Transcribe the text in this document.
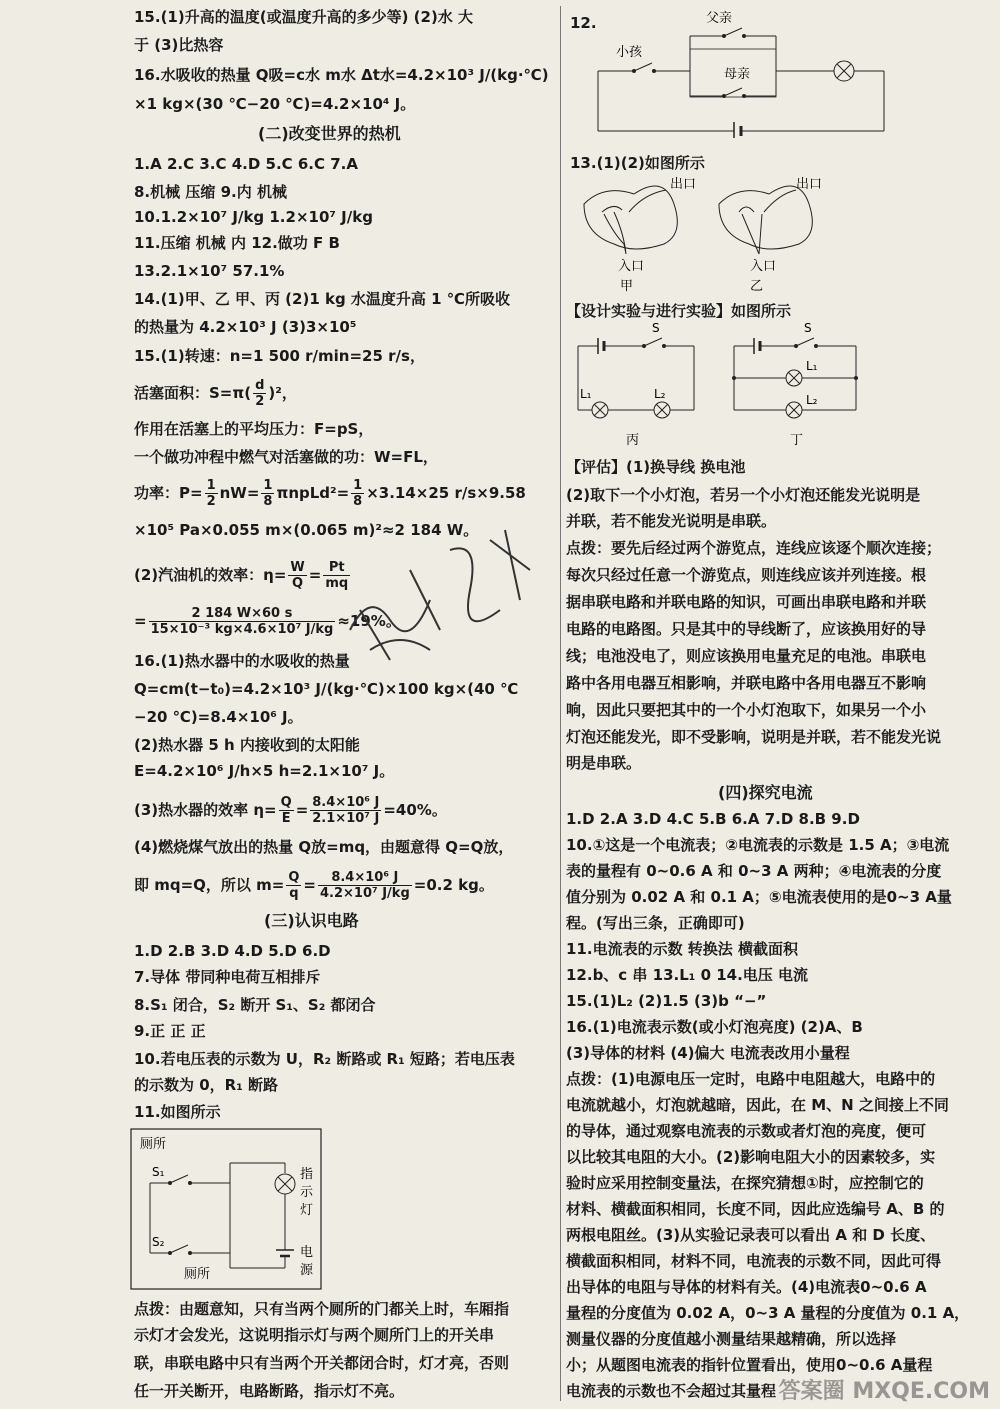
15.(1)升高的温度(或温度升高的多少等) (2)水 大
于 (3)比热容
16.水吸收的热量 Q吸=c水 m水 Δt水=4.2×10³ J/(kg·℃)
×1 kg×(30 ℃−20 ℃)=4.2×10⁴ J。
(二)改变世界的热机
1.A 2.C 3.C 4.D 5.C 6.C 7.A
8.机械 压缩 9.内 机械
10.1.2×10⁷ J/kg 1.2×10⁷ J/kg
11.压缩 机械 内 12.做功 F B
13.2.1×10⁷ 57.1%
14.(1)甲、乙 甲、丙 (2)1 kg 水温度升高 1 ℃所吸收
的热量为 4.2×10³ J (3)3×10⁵
15.(1)转速：n=1 500 r/min=25 r/s，
活塞面积：$S=\pi( \frac{d}{2} )^2$，
作用在活塞上的平均压力：F=pS，
一个做功冲程中燃气对活塞做的功：W=FL，
功率：$P= \frac{1}{2} nW= \frac{1}{8}$ πnpLd²= $\frac{1}{8} \times 3.14\times 25$ r/s×9.58
×10⁵ Pa×0.055 m×(0.065 m)²≈2 184 W。
(2)汽油机的效率：$\eta= \frac{W}{Q} = \frac{Pt}{mq}$
= $\frac{2 184 W\times 60 s}{\text{15×10⁻³ kg×4.6×10⁷ J/kg}} \approx 19\%$。
16.(1)热水器中的水吸收的热量
Q=cm(t−t₀)=4.2×10³ J/(kg·℃)×100 kg×(40 ℃
−20 ℃)=8.4×10⁶ J。
(2)热水器 5 h 内接收到的太阳能
E=4.2×10⁶ J/h×5 h=2.1×10⁷ J。
(3)热水器的效率 $\eta= \frac{Q}{E} = \frac{\text{8.4×10⁶ J}}{\text{2.1×10⁷ J}} =40\%$。
(4)燃烧煤气放出的热量 Q放=mq，由题意得 Q=Q放，
即 mq=Q，所以 $m= \frac{Q}{q} = \frac{\text{8.4×10⁶ J}}{\text{4.2×10⁷ J/kg}} =0.2$ kg。
(三)认识电路
1.D 2.B 3.D 4.D 5.D 6.D
7.导体 带同种电荷互相排斥
8.S₁ 闭合，S₂ 断开 S₁、S₂ 都闭合
9.正 正 正
10.若电压表的示数为 U，R₂ 断路或 R₁ 短路；若电压表
的示数为 0，R₁ 断路
11.如图所示
厕所
S₁
S₂
厕所
指
示
灯
电
源
点拨：由题意知，只有当两个厕所的门都关上时，车厢指
示灯才会发光，这说明指示灯与两个厕所门上的开关串
联，串联电路中只有当两个开关都闭合时，灯才亮，否则
任一开关断开，电路断路，指示灯不亮。
12.	父亲
小孩
母亲
13.(1)(2)如图所示
出口
入口
甲
出口
入口
乙
【设计实验与进行实验】如图所示
S
L₁	L₂
丙
S
L₁
L₂
丁
【评估】(1)换导线 换电池
(2)取下一个小灯泡，若另一个小灯泡还能发光说明是
并联，若不能发光说明是串联。
点拨：要先后经过两个游览点，连线应该逐个顺次连接；
每次只经过任意一个游览点，则连线应该并列连接。根
据串联电路和并联电路的知识，可画出串联电路和并联
电路的电路图。只是其中的导线断了，应该换用好的导
线；电池没电了，则应该换用电量充足的电池。串联电
路中各用电器互相影响，并联电路中各用电器互不影响
响，因此只要把其中的一个小灯泡取下，如果另一个小
灯泡还能发光，即不受影响，说明是并联，若不能发光说
明是串联。
(四)探究电流
1.D 2.A 3.D 4.C 5.B 6.A 7.D 8.B 9.D
10.①这是一个电流表；②电流表的示数是 1.5 A；③电流
表的量程有 0~0.6 A 和 0~3 A 两种；④电流表的分度
值分别为 0.02 A 和 0.1 A；⑤电流表使用的是0~3 A量
程。(写出三条，正确即可)
11.电流表的示数 转换法 横截面积
12.b、c 串 13.L₁ 0 14.电压 电流
15.(1)L₂ (2)1.5 (3)b “−”
16.(1)电流表示数(或小灯泡亮度) (2)A、B
(3)导体的材料 (4)偏大 电流表改用小量程
点拨：(1)电源电压一定时，电路中电阻越大，电路中的
电流就越小，灯泡就越暗，因此，在 M、N 之间接上不同
的导体，通过观察电流表的示数或者灯泡的亮度，便可
以比较其电阻的大小。(2)影响电阻大小的因素较多，实
验时应采用控制变量法，在探究猜想①时，应控制它的
材料、横截面积相同，长度不同，因此应选编号 A、B 的
两根电阻丝。(3)从实验记录表可以看出 A 和 D 长度、
横截面积相同，材料不同，电流表的示数不同，因此可得
出导体的电阻与导体的材料有关。(4)电流表0~0.6 A
量程的分度值为 0.02 A，0~3 A 量程的分度值为 0.1 A，
测量仪器的分度值越小测量结果越精确，所以选择
小；从题图电流表的指针位置看出，使用0~0.6 A量程
电流表的示数也不会超过其量程 答案圈 MXQE.COM
